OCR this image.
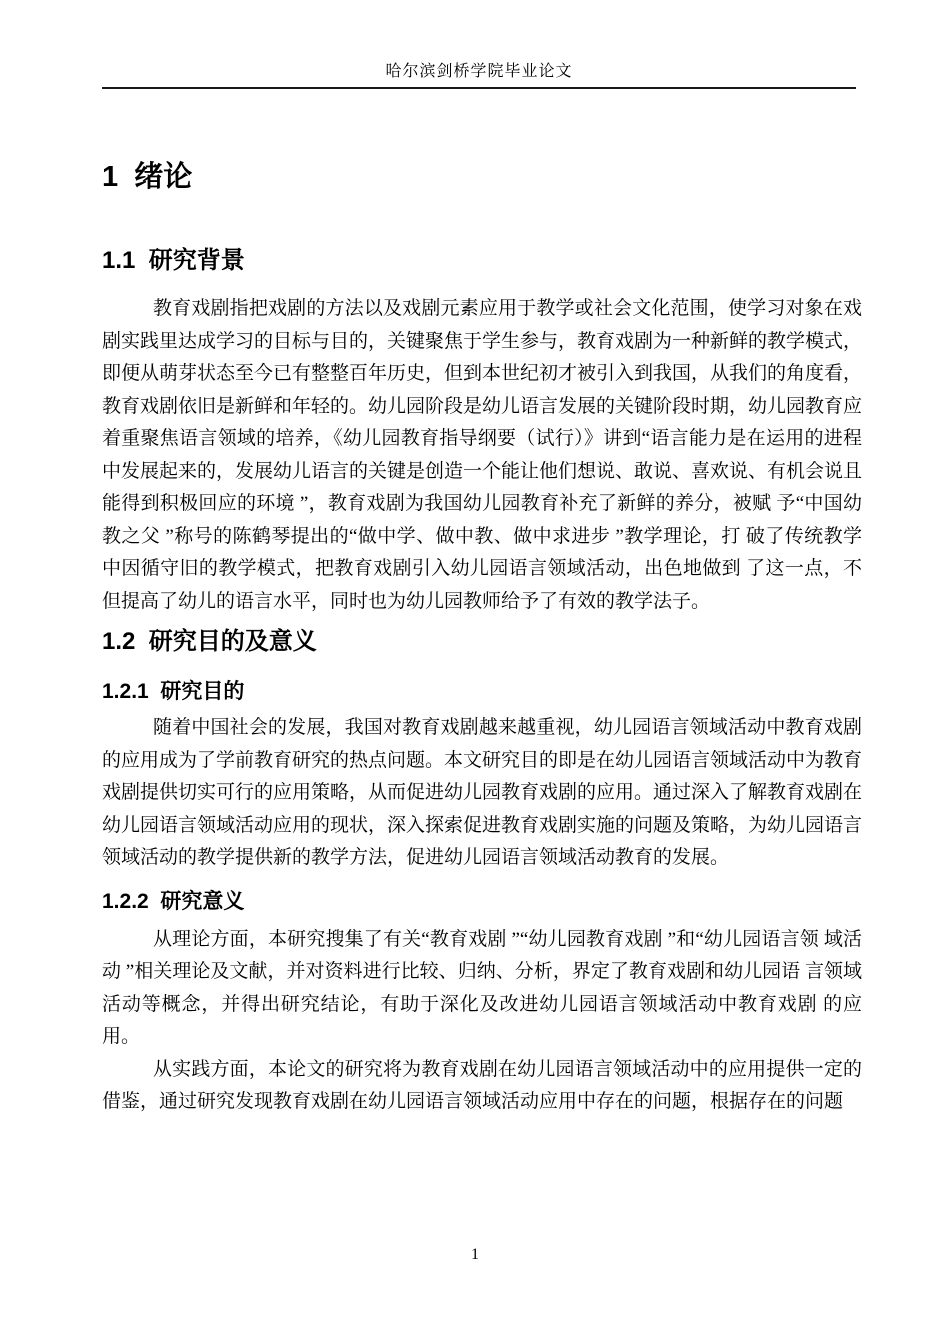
哈尔滨剑桥学院毕业论文
1  绪论
1.1  研究背景

教育戏剧指把戏剧的方法以及戏剧元素应用于教学或社会文化范围，使学习对象在戏剧实践里达成学习的目标与目的，关键聚焦于学生参与，教育戏剧为一种新鲜的教学模式，即便从萌芽状态至今已有整整百年历史，但到本世纪初才被引入到我国，从我们的角度看，教育戏剧依旧是新鲜和年轻的。幼儿园阶段是幼儿语言发展的关键阶段时期，幼儿园教育应着重聚焦语言领域的培养，《幼儿园教育指导纲要（试行）》讲到“语言能力是在运用的进程中发展起来的，发展幼儿语言的关键是创造一个能让他们想说、敢说、喜欢说、有机会说且能得到积极回应的环境 ”，教育戏剧为我国幼儿园教育补充了新鲜的养分，被赋 予“中国幼教之父 ”称号的陈鹤琴提出的“做中学、做中教、做中求进步 ”教学理论，打 破了传统教学中因循守旧的教学模式，把教育戏剧引入幼儿园语言领域活动，出色地做到 了这一点，不但提高了幼儿的语言水平，同时也为幼儿园教师给予了有效的教学法子。

1.2  研究目的及意义
1.2.1  研究目的

随着中国社会的发展，我国对教育戏剧越来越重视，幼儿园语言领域活动中教育戏剧的应用成为了学前教育研究的热点问题。本文研究目的即是在幼儿园语言领域活动中为教育戏剧提供切实可行的应用策略，从而促进幼儿园教育戏剧的应用。通过深入了解教育戏剧在幼儿园语言领域活动应用的现状，深入探索促进教育戏剧实施的问题及策略，为幼儿园语言领域活动的教学提供新的教学方法，促进幼儿园语言领域活动教育的发展。

1.2.2  研究意义

从理论方面，本研究搜集了有关“教育戏剧 ”“幼儿园教育戏剧 ”和“幼儿园语言领 域活动 ”相关理论及文献，并对资料进行比较、归纳、分析，界定了教育戏剧和幼儿园语 言领域活动等概念，并得出研究结论，有助于深化及改进幼儿园语言领域活动中教育戏剧 的应用。

从实践方面，本论文的研究将为教育戏剧在幼儿园语言领域活动中的应用提供一定的借鉴，通过研究发现教育戏剧在幼儿园语言领域活动应用中存在的问题，根据存在的问题

1
